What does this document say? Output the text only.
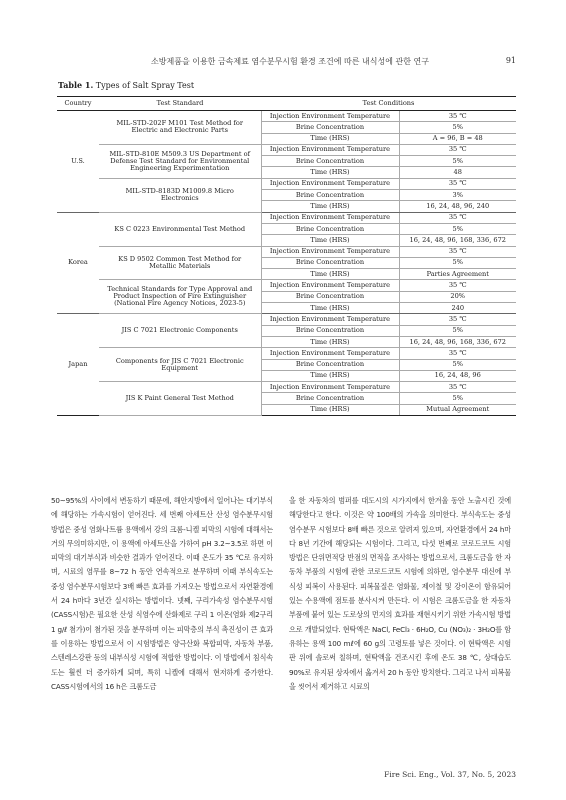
소방제품을 이용한 금속제료 염수분무시험 환경 조건에 따른 내식성에 관한 연구	91
Table 1. Types of Salt Spray Test
Country	Test Standard	Test Conditions	
U.S.	MIL-STD-202F M101 Test Method for Electric and Electronic Parts	Injection Environment Temperature	35 ℃
		Brine Concentration	5%
		Time (HRS)	A = 96, B = 48
	MIL-STD-810E M509.3 US Department of Defense Test Standard for Environmental Engineering Experimentation	Injection Environment Temperature	35 ℃
		Brine Concentration	5%
		Time (HRS)	48
	MIL-STD-8183D M1009.8 Micro Electronics	Injection Environment Temperature	35 ℃
		Brine Concentration	3%
		Time (HRS)	16, 24, 48, 96, 240
Korea	KS C 0223 Environmental Test Method	Injection Environment Temperature	35 ℃
		Brine Concentration	5%
		Time (HRS)	16, 24, 48, 96, 168, 336, 672
	KS D 9502 Common Test Method for Metallic Materials	Injection Environment Temperature	35 ℃
		Brine Concentration	5%
		Time (HRS)	Parties Agreement
	Technical Standards for Type Approval and Product Inspection of Fire Extinguisher (National Fire Agency Notices, 2023-5)	Injection Environment Temperature	35 ℃
		Brine Concentration	20%
		Time (HRS)	240
Japan	JIS C 7021 Electronic Components	Injection Environment Temperature	35 ℃
		Brine Concentration	5%
		Time (HRS)	16, 24, 48, 96, 168, 336, 672
	Components for JIS C 7021 Electronic Equipment	Injection Environment Temperature	35 ℃
		Brine Concentration	5%
		Time (HRS)	16, 24, 48, 96
	JIS K Paint General Test Method	Injection Environment Temperature	35 ℃
		Brine Concentration	5%
		Time (HRS)	Mutual Agreement

50~95%의 사이에서 변동하기 때문에, 해안지방에서 일어나는 대기부식에 해당하는 가속시험이 얻어진다. 세 번째 아세트산 산성 염수분무시험 방법은 중성 염화나트륨 용액에서 강의 크롬-니켈 피막의 시험에 대해서는 거의 무의미하지만, 이 용액에 아세트산을 가하여 pH 3.2~3.5로 하면 이 피막의 대기부식과 비슷한 결과가 얻어진다. 이때 온도가 35 ℃로 유지하며, 시료의 염무를 8~72 h 동안 연속적으로 분무하며 이때 부식속도는 중성 염수분무시험보다 3배 빠른 효과를 가져오는 방법으로서 자연환경에서 24 h마다 3년간 실시하는 방법이다. 넷째, 구리가속성 염수분무시험(CASS시험)은 필요한 산성 식염수에 산화제로 구리 1 이온(염화 제2구리 1 g/ℓ 첨가)이 첨가된 것을 분무하며 이는 피막층의 부식 촉진성이 큰 효과를 이용하는 방법으로서 이 시험방법은 양극산화 복합피막, 자동차 부품, 스텐레스강판 등의 내부식성 시험에 적합한 방법이다. 이 방법에서 침식속도는 훨씬 더 증가하게 되며, 특히 니켈에 대해서 현저하게 증가한다. CASS시험에서의 16 h은 크롬도금

을 한 자동차의 범퍼를 대도시의 시가지에서 한겨울 동안 노출시킨 것에 해당한다고 한다. 이것은 약 100배의 가속을 의미한다. 부식속도는 중성 염수분무 시험보다 8배 빠른 것으로 알려져 있으며, 자연환경에서 24 h마다 8년 기간에 해당되는 시험이다. 그리고, 다섯 번째로 코로드코트 시험방법은 단위면적당 반점의 면적을 조사하는 방법으로서, 크롬도금을 한 자동차 부품의 시험에 관한 코로드코트 시험에 의하면, 염수분무 대신에 부식성 피복이 사용된다. 피복물질은 염화물, 제이철 및 강이온이 함유되어 있는 수용액에 점토를 분사시켜 만든다. 이 시험은 크롬도금을 한 자동차부품에 붙어 있는 도로상의 먼지의 효과를 재현시키기 위한 가속시험 방법으로 개발되었다. 현탁액은 NaCl, FeCl₃ · 6H₂O, Cu (NO₃)₂ · 3H₂O를 함유하는 용액 100 mℓ에 60 g의 고령토를 넣은 것이다. 이 현탁액은 시험판 위에 솔로써 칠하며, 현탁액을 건조시킨 후에 온도 38 ℃, 상대습도 90%로 유지된 상자에서 옮겨서 20 h 동안 방치한다. 그리고 나서 피복물을 씻어서 제거하고 시료의

Fire Sci. Eng., Vol. 37, No. 5, 2023
